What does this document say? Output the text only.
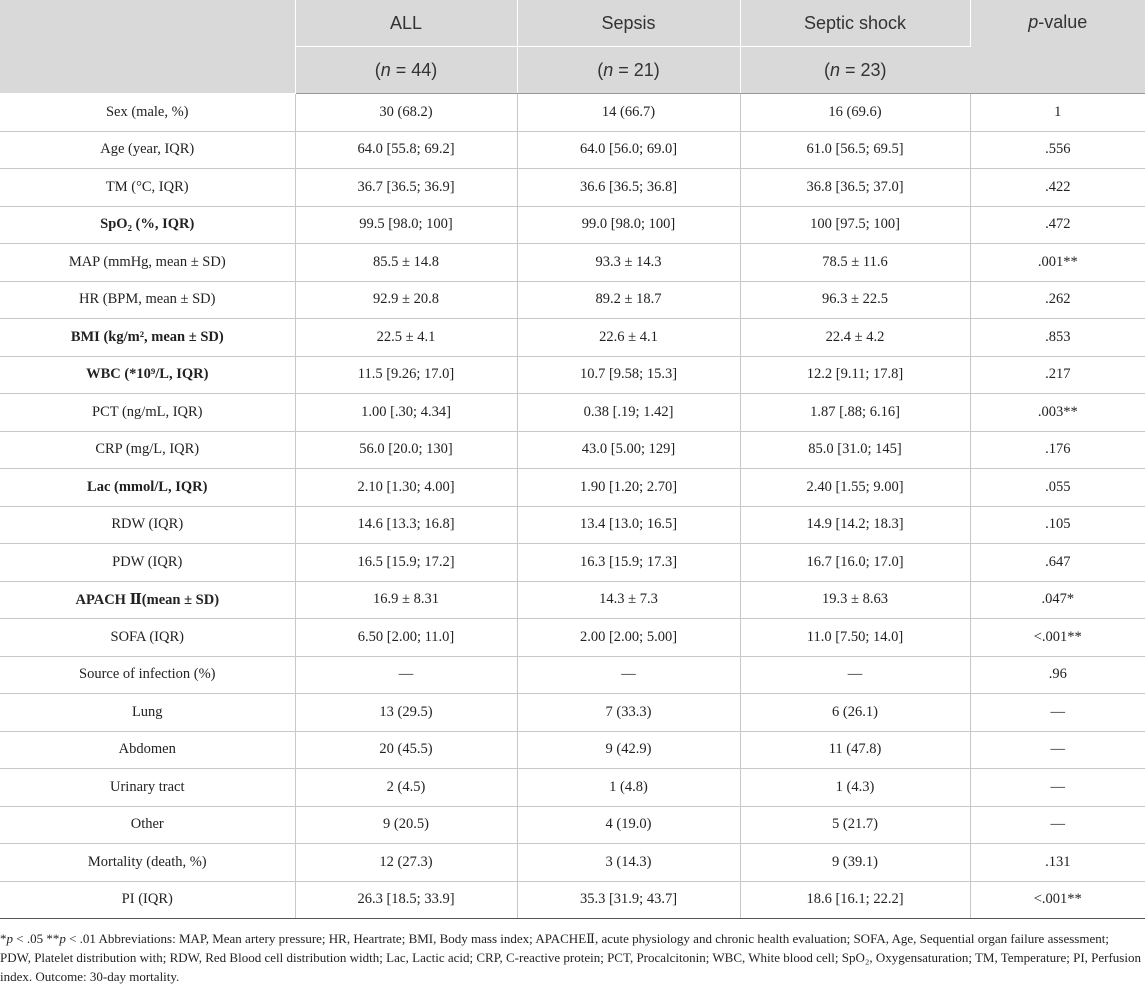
	ALL	Sepsis	Septic shock	p-value
	(n = 44)	(n = 21)	(n = 23)	
Sex (male, %)	30 (68.2)	14 (66.7)	16 (69.6)	1
Age (year, IQR)	64.0 [55.8; 69.2]	64.0 [56.0; 69.0]	61.0 [56.5; 69.5]	.556
TM (°C, IQR)	36.7 [36.5; 36.9]	36.6 [36.5; 36.8]	36.8 [36.5; 37.0]	.422
SpO₂ (%, IQR)	99.5 [98.0; 100]	99.0 [98.0; 100]	100 [97.5; 100]	.472
MAP (mmHg, mean ± SD)	85.5 ± 14.8	93.3 ± 14.3	78.5 ± 11.6	.001**
HR (BPM, mean ± SD)	92.9 ± 20.8	89.2 ± 18.7	96.3 ± 22.5	.262
BMI (kg/m², mean ± SD)	22.5 ± 4.1	22.6 ± 4.1	22.4 ± 4.2	.853
WBC (*10⁹/L, IQR)	11.5 [9.26; 17.0]	10.7 [9.58; 15.3]	12.2 [9.11; 17.8]	.217
PCT (ng/mL, IQR)	1.00 [.30; 4.34]	0.38 [.19; 1.42]	1.87 [.88; 6.16]	.003**
CRP (mg/L, IQR)	56.0 [20.0; 130]	43.0 [5.00; 129]	85.0 [31.0; 145]	.176
Lac (mmol/L, IQR)	2.10 [1.30; 4.00]	1.90 [1.20; 2.70]	2.40 [1.55; 9.00]	.055
RDW (IQR)	14.6 [13.3; 16.8]	13.4 [13.0; 16.5]	14.9 [14.2; 18.3]	.105
PDW (IQR)	16.5 [15.9; 17.2]	16.3 [15.9; 17.3]	16.7 [16.0; 17.0]	.647
APACH Ⅱ(mean ± SD)	16.9 ± 8.31	14.3 ± 7.3	19.3 ± 8.63	.047*
SOFA (IQR)	6.50 [2.00; 11.0]	2.00 [2.00; 5.00]	11.0 [7.50; 14.0]	<.001**
Source of infection (%)	—	—	—	.96
Lung	13 (29.5)	7 (33.3)	6 (26.1)	—
Abdomen	20 (45.5)	9 (42.9)	11 (47.8)	—
Urinary tract	2 (4.5)	1 (4.8)	1 (4.3)	—
Other	9 (20.5)	4 (19.0)	5 (21.7)	—
Mortality (death, %)	12 (27.3)	3 (14.3)	9 (39.1)	.131
PI (IQR)	26.3 [18.5; 33.9]	35.3 [31.9; 43.7]	18.6 [16.1; 22.2]	<.001**
*p < .05 **p < .01 Abbreviations: MAP, Mean artery pressure; HR, Heartrate; BMI, Body mass index; APACHEⅡ, acute physiology and chronic health evaluation; SOFA, Age, Sequential organ failure assessment; PDW, Platelet distribution with; RDW, Red Blood cell distribution width; Lac, Lactic acid; CRP, C-reactive protein; PCT, Procalcitonin; WBC, White blood cell; SpO₂, Oxygensaturation; TM, Temperature; PI, Perfusion index. Outcome: 30-day mortality.
